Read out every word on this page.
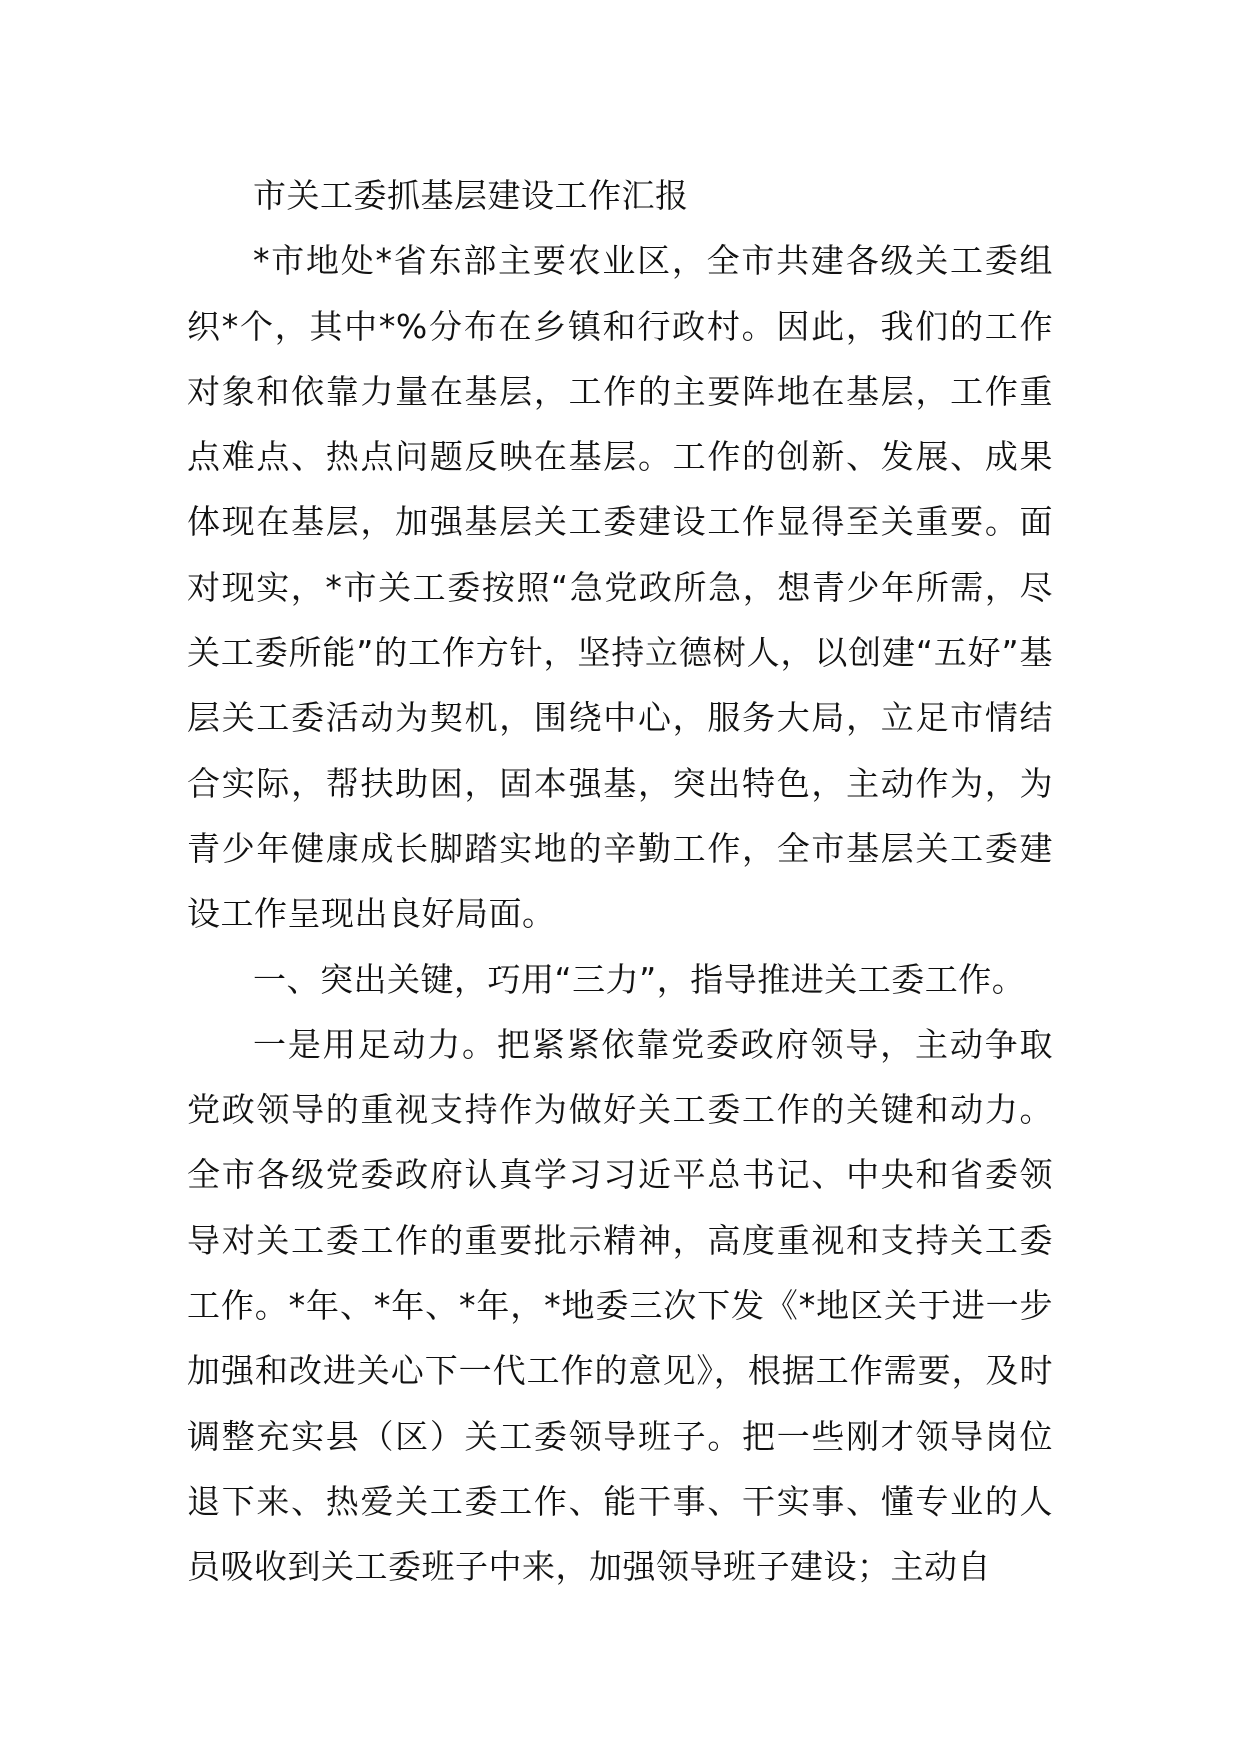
市关工委抓基层建设工作汇报

*市地处*省东部主要农业区，全市共建各级关工委组织*个，其中*%分布在乡镇和行政村。因此，我们的工作对象和依靠力量在基层，工作的主要阵地在基层，工作重点难点、热点问题反映在基层。工作的创新、发展、成果体现在基层，加强基层关工委建设工作显得至关重要。面对现实，*市关工委按照“急党政所急，想青少年所需，尽关工委所能”的工作方针，坚持立德树人，以创建“五好”基层关工委活动为契机，围绕中心，服务大局，立足市情结合实际，帮扶助困，固本强基，突出特色，主动作为，为青少年健康成长脚踏实地的辛勤工作，全市基层关工委建设工作呈现出良好局面。

一、突出关键，巧用“三力”，指导推进关工委工作。

一是用足动力。把紧紧依靠党委政府领导，主动争取党政领导的重视支持作为做好关工委工作的关键和动力。全市各级党委政府认真学习习近平总书记、中央和省委领导对关工委工作的重要批示精神，高度重视和支持关工委工作。*年、*年、*年，*地委三次下发《*地区关于进一步加强和改进关心下一代工作的意见》，根据工作需要，及时调整充实县（区）关工委领导班子。把一些刚才领导岗位退下来、热爱关工委工作、能干事、干实事、懂专业的人员吸收到关工委班子中来，加强领导班子建设；主动自
